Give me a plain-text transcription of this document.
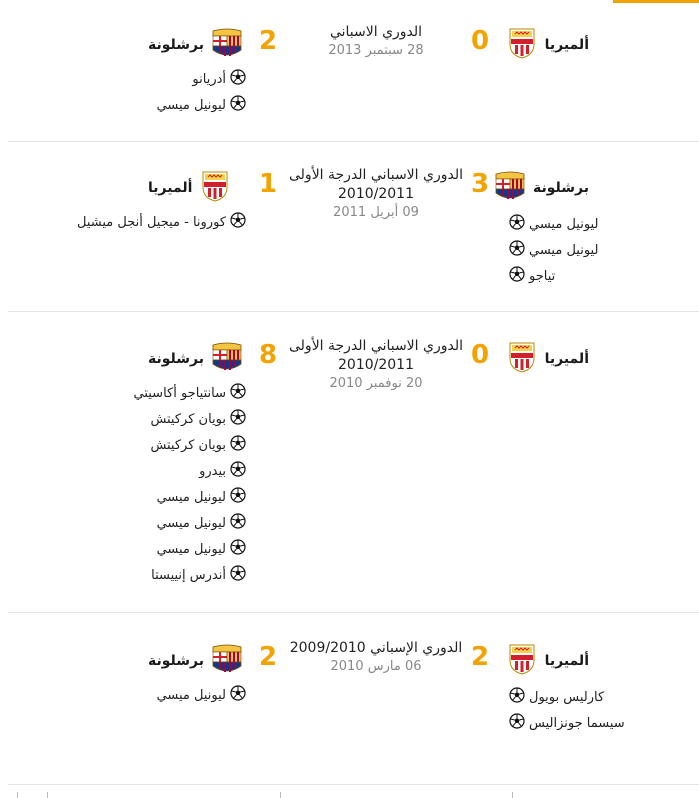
ألميريا
0
الدوري الاسباني
28 سبتمبر 2013
2
برشلونة
أدريانو
ليونيل ميسي
برشلونة
3
الدوري الاسباني الدرجة الأولى 2010/2011
09 أبريل 2011
1
ألميريا
ليونيل ميسي
ليونيل ميسي
تياجو
كورونا - ميجيل أنجل ميشيل
ألميريا
0
الدوري الاسباني الدرجة الأولى 2010/2011
20 نوفمبر 2010
8
برشلونة
سانتياجو أكاسيتي
بويان كركيتش
بويان كركيتش
بيدرو
ليونيل ميسي
ليونيل ميسي
ليونيل ميسي
أندرس إنييستا
ألميريا
2
الدوري الإسباني 2009/2010
06 مارس 2010
2
برشلونة
كارليس بويول
سيسما جونزاليس
ليونيل ميسي
